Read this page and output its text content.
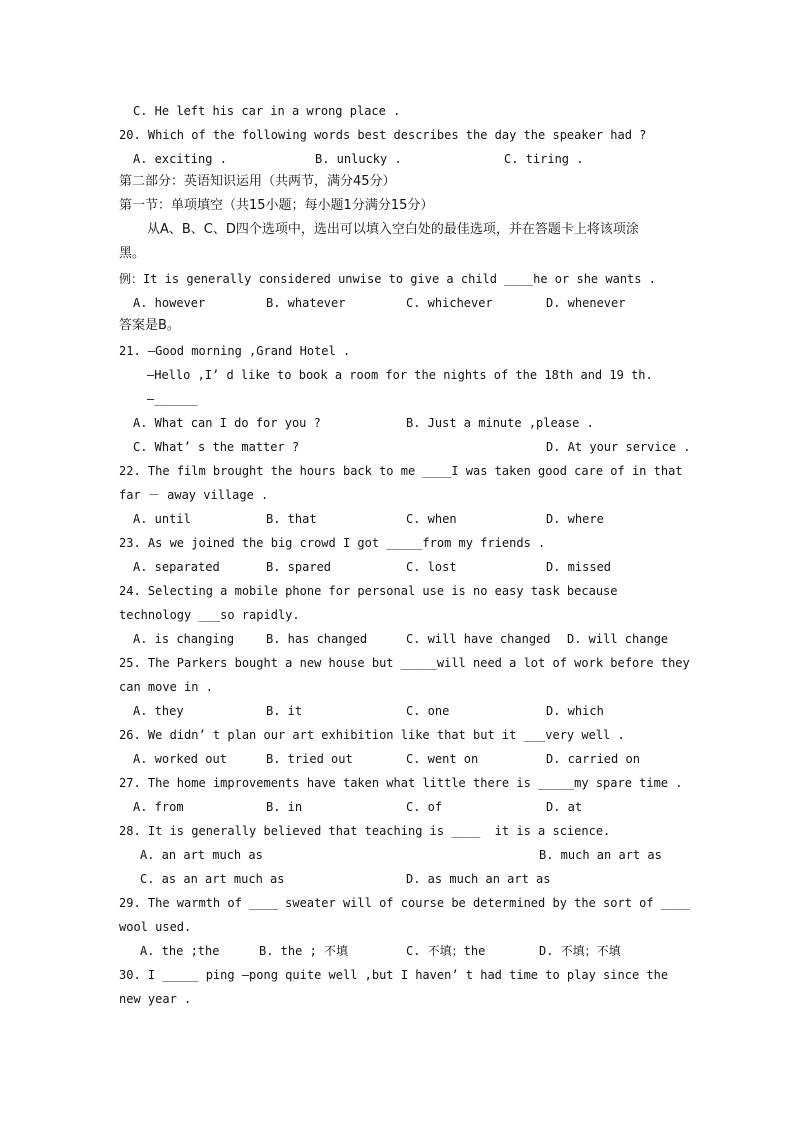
C. He left his car in a wrong place .
20. Which of the following words best describes the day the speaker had ?
A. exciting .	B. unlucky .	C. tiring .
第二部分：英语知识运用（共两节，满分45分）
第一节：单项填空（共15小题；每小题1分满分15分）
从A、B、C、D四个选项中，选出可以填入空白处的最佳选项，并在答题卡上将该项涂
黑。
例：It is generally considered unwise to give a child ____he or she wants .
A. however	B. whatever	C. whichever	D. whenever
答案是B。
21. —Good morning ,Grand Hotel .
—Hello ,I’ d like to book a room for the nights of the 18th and 19 th.
—______
A. What can I do for you ?	B. Just a minute ,please .
C. What’ s the matter ?	D. At your service .
22. The film brought the hours back to me ____I was taken good care of in that
far － away village .
A. until	B. that	C. when	D. where
23. As we joined the big crowd I got _____from my friends .
A. separated	B. spared	C. lost	D. missed
24. Selecting a mobile phone for personal use is no easy task because
technology ___so rapidly.
A. is changing	B. has changed	C. will have changed D. will change
25. The Parkers bought a new house but _____will need a lot of work before they
can move in .
A. they	B. it	C. one	D. which
26. We didn’ t plan our art exhibition like that but it ___very well .
A. worked out	B. tried out	C. went on	D. carried on
27. The home improvements have taken what little there is _____my spare time .
A. from	B. in	C. of	D. at
28. It is generally believed that teaching is ____  it is a science.
A. an art much as	B. much an art as
C. as an art much as	D. as much an art as
29. The warmth of ____ sweater will of course be determined by the sort of ____
wool used.
A. the ;the	B. the ; 不填	C. 不填；the	D. 不填；不填
30. I _____ ping —pong quite well ,but I haven’ t had time to play since the
new year .
